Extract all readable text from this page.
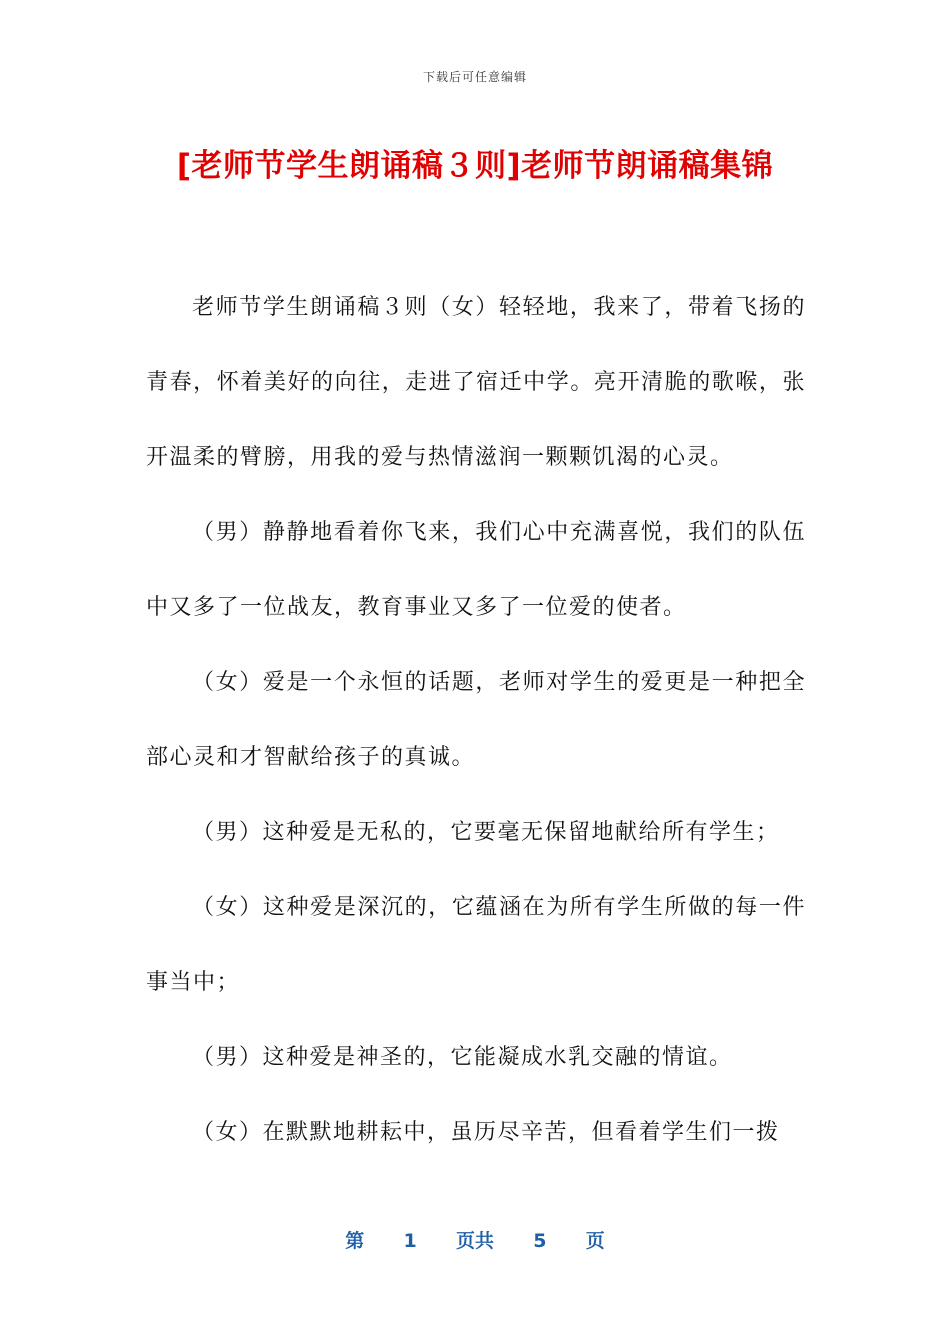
下载后可任意编辑
[老师节学生朗诵稿３则]老师节朗诵稿集锦

老师节学生朗诵稿３则（女）轻轻地，我来了，带着飞扬的青春，怀着美好的向往，走进了宿迁中学。亮开清脆的歌喉，张开温柔的臂膀，用我的爱与热情滋润一颗颗饥渴的心灵。

（男）静静地看着你飞来，我们心中充满喜悦，我们的队伍中又多了一位战友，教育事业又多了一位爱的使者。

（女）爱是一个永恒的话题，老师对学生的爱更是一种把全部心灵和才智献给孩子的真诚。

（男）这种爱是无私的，它要毫无保留地献给所有学生；

（女）这种爱是深沉的，它蕴涵在为所有学生所做的每一件事当中；

（男）这种爱是神圣的，它能凝成水乳交融的情谊。

（女）在默默地耕耘中，虽历尽辛苦，但看着学生们一拨

第 1 页共 5 页
